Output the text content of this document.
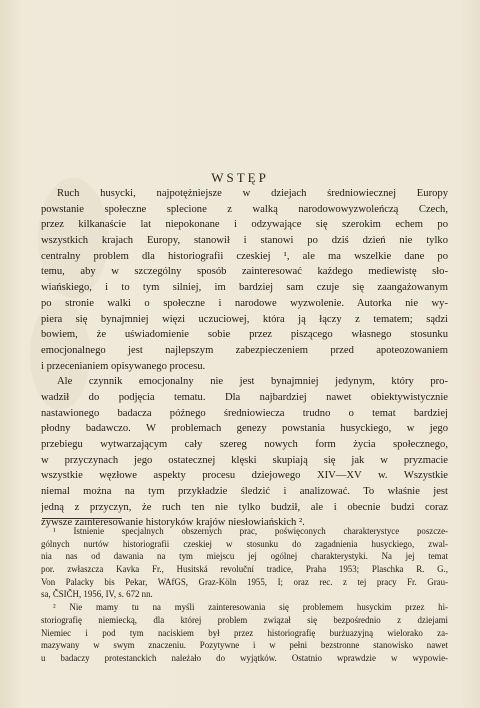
WSTĘP
Ruch husycki, najpotężniejsze w dziejach średniowiecznej Europy
powstanie społeczne splecione z walką narodowowyzwoleńczą Czech,
przez kilkanaście lat niepokonane i odzywające się szerokim echem po
wszystkich krajach Europy, stanowił i stanowi po dziś dzień nie tylko
centralny problem dla historiografii czeskiej ¹, ale ma wszelkie dane po
temu, aby w szczególny sposób zainteresować każdego mediewistę sło-
wiańskiego, i to tym silniej, im bardziej sam czuje się zaangażowanym
po stronie walki o społeczne i narodowe wyzwolenie. Autorka nie wy-
piera się bynajmniej więzi uczuciowej, która ją łączy z tematem; sądzi
bowiem, że uświadomienie sobie przez piszącego własnego stosunku
emocjonalnego jest najlepszym zabezpieczeniem przed apoteozowaniem
i przecenianiem opisywanego procesu.
Ale czynnik emocjonalny nie jest bynajmniej jedynym, który pro-
wadził do podjęcia tematu. Dla najbardziej nawet obiektywistycznie
nastawionego badacza późnego średniowiecza trudno o temat bardziej
płodny badawczo. W problemach genezy powstania husyckiego, w jego
przebiegu wytwarzającym cały szereg nowych form życia społecznego,
w przyczynach jego ostatecznej klęski skupiają się jak w pryzmacie
wszystkie węzłowe aspekty procesu dziejowego XIV—XV w. Wszystkie
niemal można na tym przykładzie śledzić i analizować. To właśnie jest
jedną z przyczyn, że ruch ten nie tylko budził, ale i obecnie budzi coraz
żywsze zainteresowanie historyków krajów niesłowiańskich ².
¹ Istnienie specjalnych obszernych prac, poświęconych charakterystyce poszcze-
gólnych nurtów historiografii czeskiej w stosunku do zagadnienia husyckiego, zwal-
nia nas od dawania na tym miejscu jej ogólnej charakterystyki. Na jej temat
por. zwłaszcza Kavka Fr., Husitská revoluční tradice, Praha 1953; Plaschka R. G.,
Von Palacky bis Pekar, WAfGS, Graz-Köln 1955, I; oraz rec. z tej pracy Fr. Grau-
sa, ČSIČH, 1956, IV, s. 672 nn.
² Nie mamy tu na myśli zainteresowania się problemem husyckim przez hi-
storiografię niemiecką, dla której problem związał się bezpośrednio z dziejami
Niemiec i pod tym naciskiem był przez historiografię burżuazyjną wielorako za-
mazywany w swym znaczeniu. Pozytywne i w pełni bezstronne stanowisko nawet
u badaczy protestanckich należało do wyjątków. Ostatnio wprawdzie w wypowie-
